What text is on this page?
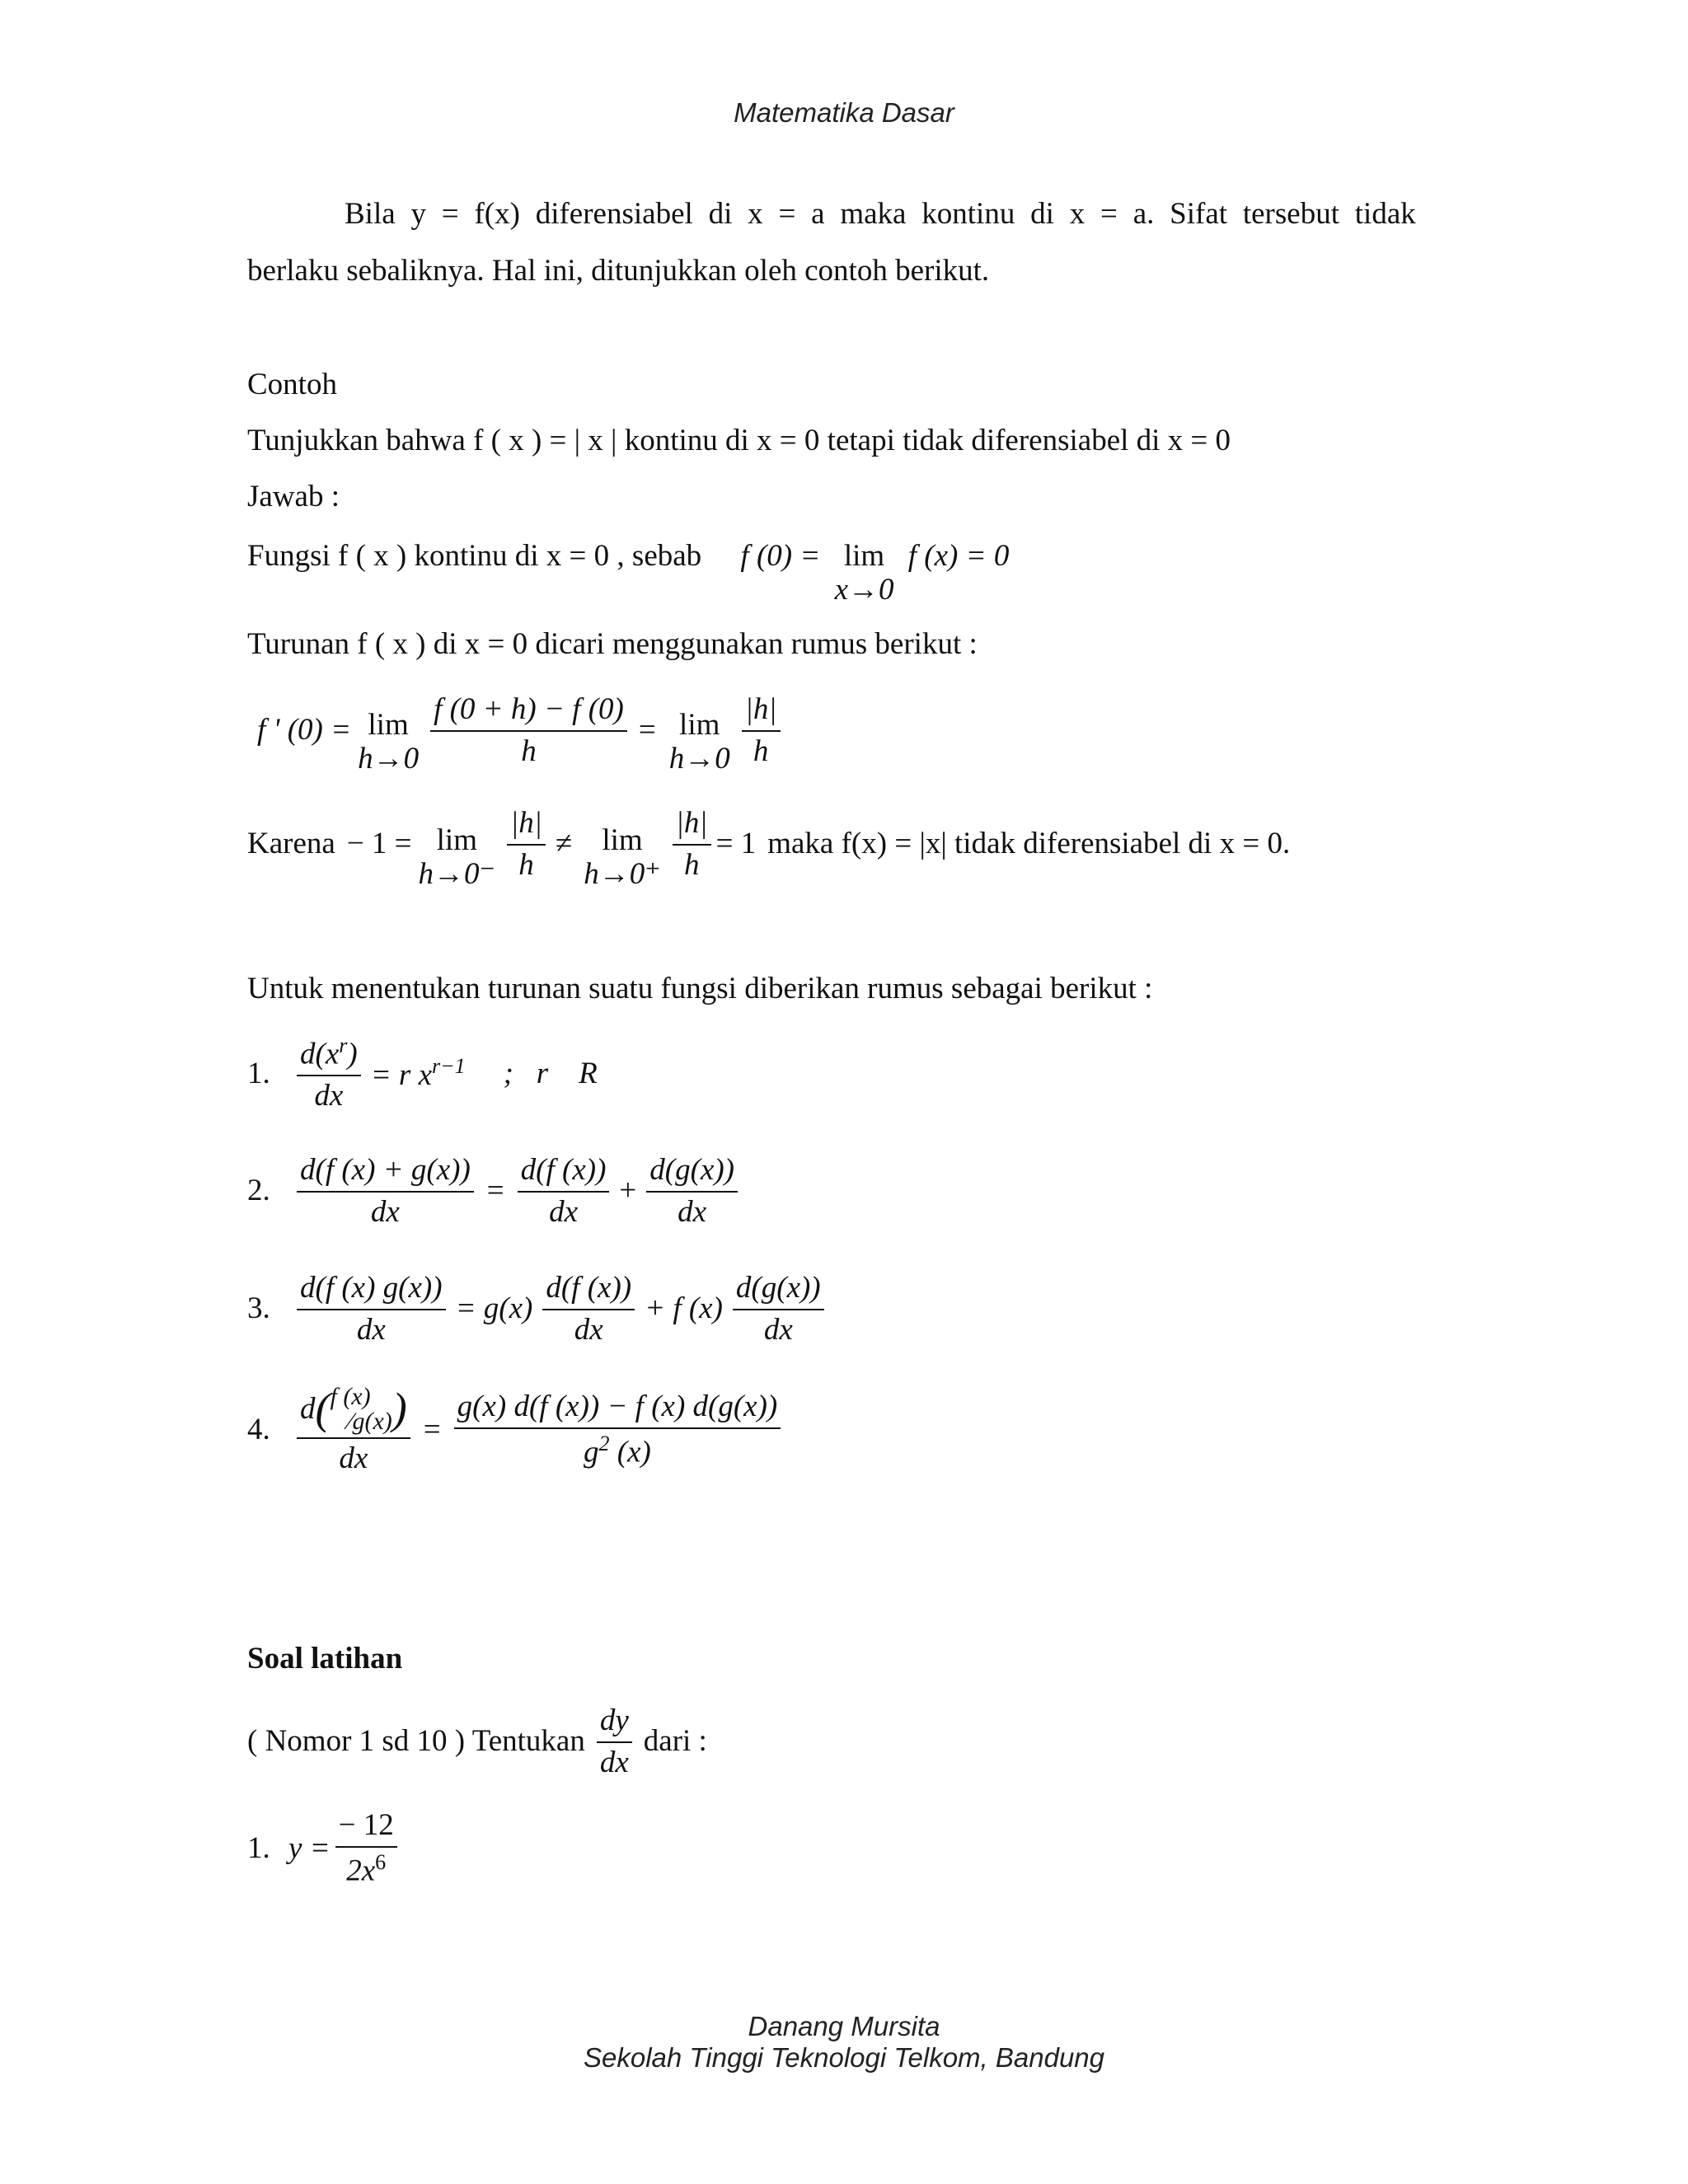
Matematika Dasar
Bila y = f(x) diferensiabel di x = a maka kontinu di x = a. Sifat tersebut tidak
berlaku sebaliknya. Hal ini, ditunjukkan oleh contoh berikut.
Contoh
Tunjukkan bahwa f ( x ) = | x | kontinu di x = 0 tetapi tidak diferensiabel di x = 0
Jawab :
Fungsi f ( x ) kontinu di x = 0 , sebab f (0) = lim
x→0
f (x) = 0
Turunan f ( x ) di x = 0 dicari menggunakan rumus berikut :
f ' (0) = lim
$h\to 0 \frac{f (0 + h) - f (0)}{h} = \lim$
$h\to 0 \frac{|h|}{h}$
Karena − 1 = lim
$h\to 0^- \frac{|h|}{h} \ne \lim$
$h\to 0^+ \frac{|h|}{h} = 1$ maka f(x) = |x| tidak diferensiabel di x = 0.
Untuk menentukan turunan suatu fungsi diberikan rumus sebagai berikut :
1. $\frac{d(x^r)}{dx} = r$ $x^{r-1}$ ;   r    R
2. $\frac{d(f (x) + g(x))}{dx} = \frac{d(f (x))}{dx} + \frac{d(g(x))}{dx}$
3. $\frac{d(f (x) g(x))}{dx} = g(x) \frac{d(f (x))}{dx} + f$ $(x) \frac{d(g(x))}{dx}$
4.
d ( f (x)
⁄g(x) )
dx
= $\frac{g(x) d(f (x)) - f (x) d(g(x))}{g^2 (x)}$
Soal latihan
( Nomor 1 sd 10 ) Tentukan $\frac{dy}{dx}$ dari :
1. $y = \frac{- 12}{2x^6}$
Danang Mursita
Sekolah Tinggi Teknologi Telkom, Bandung
